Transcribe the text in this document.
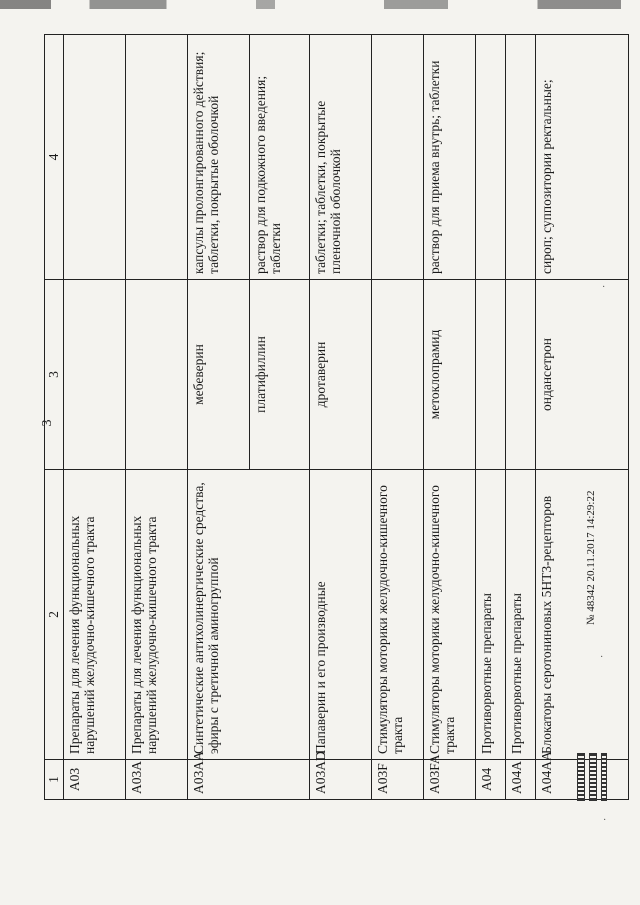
3
1	2	3	4
A03	Препараты для лечения функциональных нарушений желудочно-кишечного тракта		
A03A	Препараты для лечения функциональных нарушений желудочно-кишечного тракта		
A03AA	Синтетические антихолинергические средства, эфиры с третичной аминогруппой	мебеверин	капсулы пролонгированного действия; таблетки, покрытые оболочкой
		платифиллин	раствор для подкожного введения; таблетки
A03AD	Папаверин и его производные	дротаверин	таблетки; таблетки, покрытые пленочной оболочкой
A03F	Стимуляторы моторики желудочно-кишечного тракта		
A03FA	Стимуляторы моторики желудочно-кишечного тракта	метоклопрамид	раствор для приема внутрь; таблетки
A04	Противорвотные препараты		
A04A	Противорвотные препараты		
A04AA	Блокаторы серотониновых 5HT3-рецепторов	ондансетрон	сироп; суппозитории ректальные;
№ 48342 20.11.2017 14:29:22
·
·
·
